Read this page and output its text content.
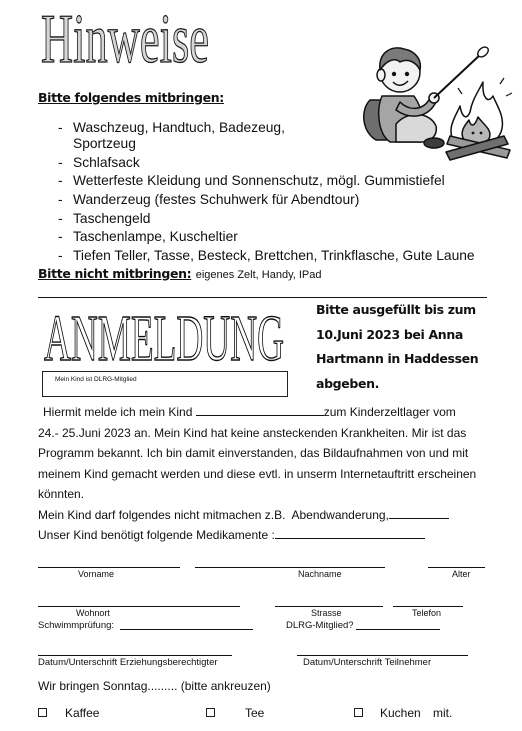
Hinweise
Bitte folgendes mitbringen:
- Waschzeug, Handtuch, Badezeug, Sportzeug
- Schlafsack
- Wetterfeste Kleidung und Sonnenschutz, mögl. Gummistiefel
- Wanderzeug (festes Schuhwerk für Abendtour)
- Taschengeld
- Taschenlampe, Kuscheltier
- Tiefen Teller, Tasse, Besteck, Brettchen, Trinkflasche, Gute Laune
Bitte nicht mitbringen: eigenes Zelt, Handy, IPad
ANMELDUNG	Bitte ausgefüllt bis zum
10.Juni 2023 bei Anna
Hartmann in Haddessen
abgeben.
Mein Kind ist DLRG-Mitglied
Hiermit melde ich mein Kind	zum Kinderzeltlager vom
24.- 25.Juni 2023 an. Mein Kind hat keine ansteckenden Krankheiten. Mir ist das
Programm bekannt. Ich bin damit einverstanden, das Bildaufnahmen von und mit
meinem Kind gemacht werden und diese evtl. in unserm Internetauftritt erscheinen
könnten.
Mein Kind darf folgendes nicht mitmachen z.B.  Abendwanderung,
Unser Kind benötigt folgende Medikamente :
Vorname	Nachname	Alter
Wohnort	Strasse	Telefon
Schwimmprüfung:	DLRG-Mitglied?
Datum/Unterschrift Erziehungsberechtigter	Datum/Unterschrift Teilnehmer
Wir bringen Sonntag......... (bitte ankreuzen)
Kaffee	Tee	Kuchen mit.
